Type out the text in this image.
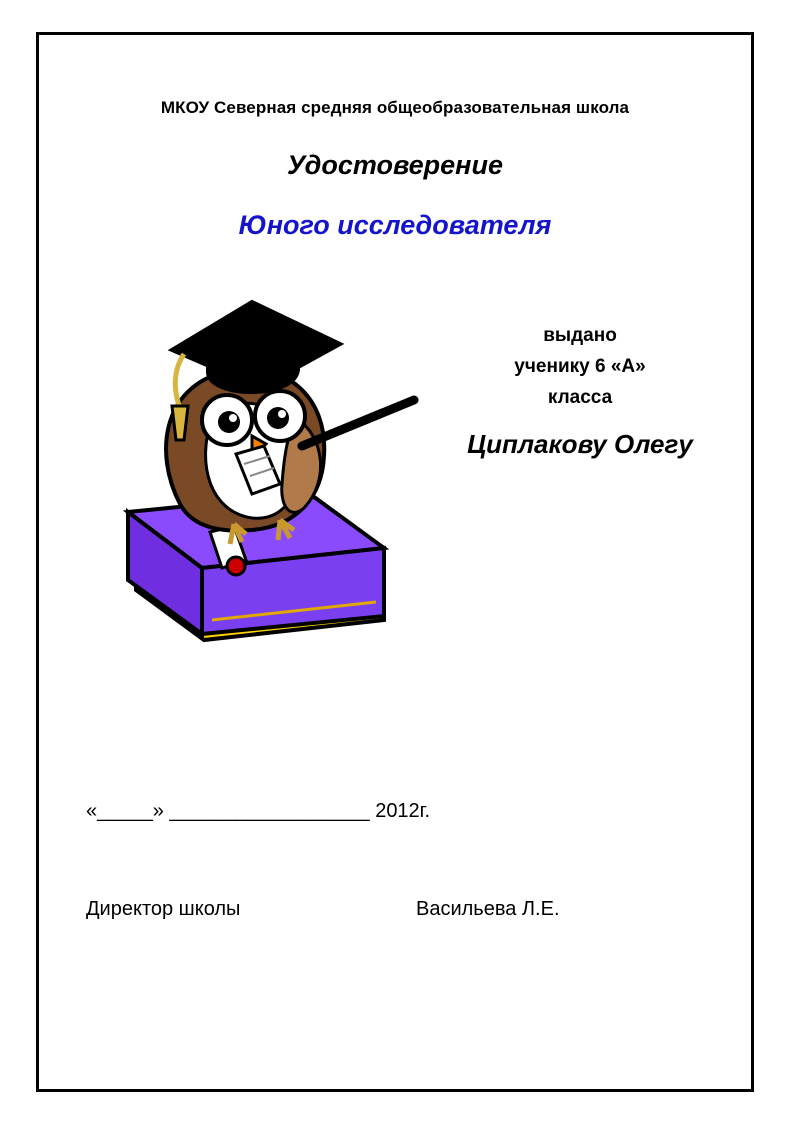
МКОУ Северная средняя общеобразовательная школа
Удостоверение
Юного исследователя
выдано
ученику 6 «А»
класса
Циплакову Олегу
«_____» __________________ 2012г.
Директор школы	Васильева Л.Е.
